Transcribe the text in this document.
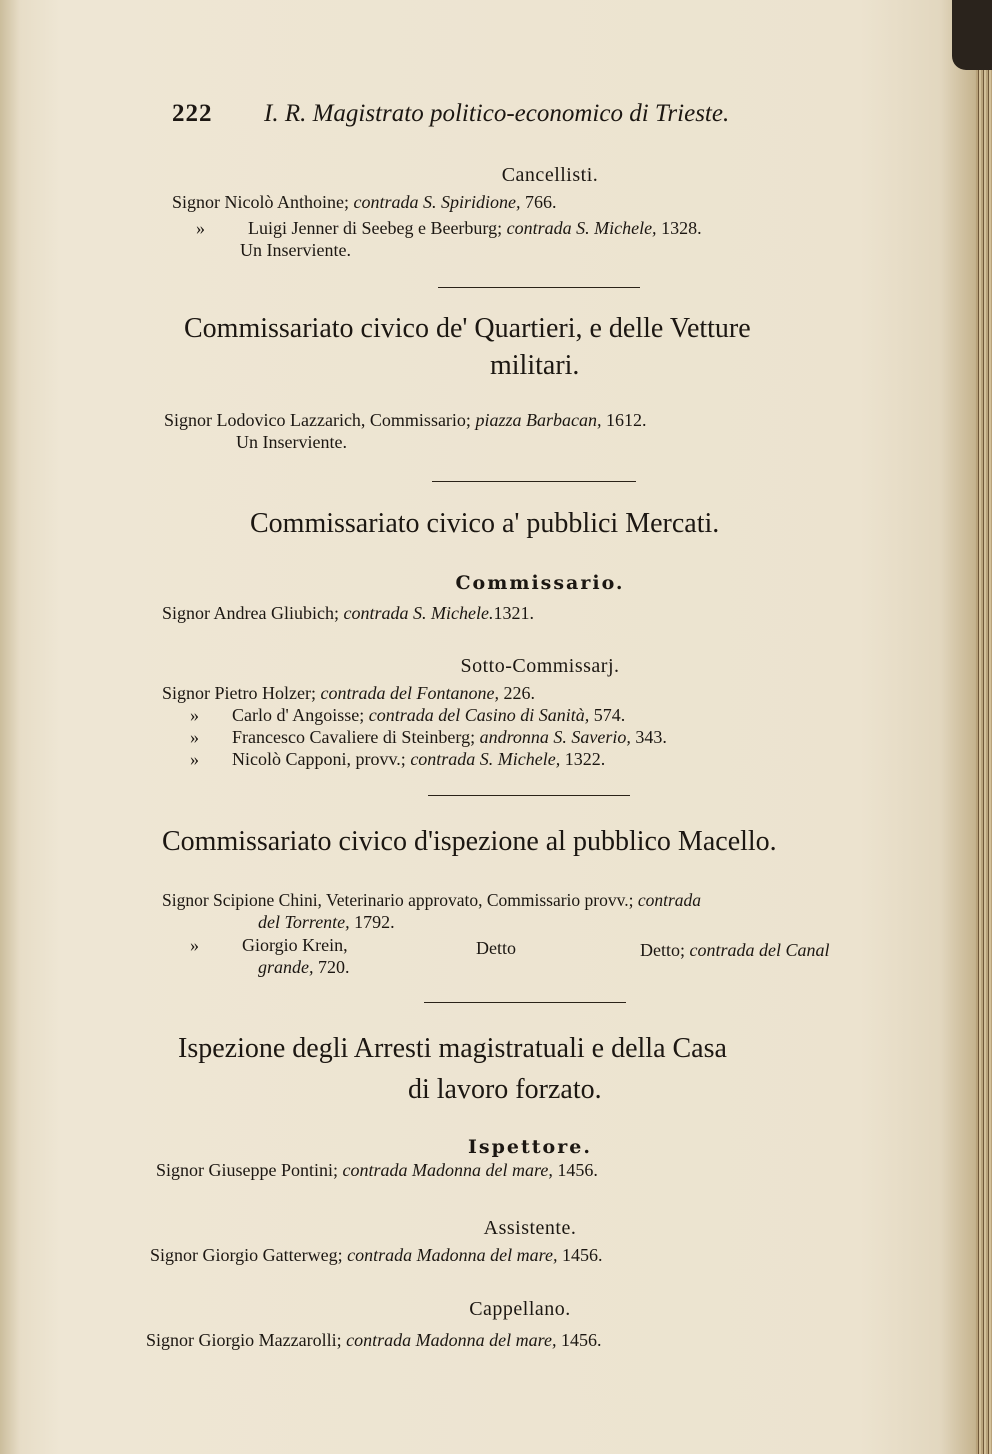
222 I. R. Magistrato politico-economico di Trieste.
Cancellisti.
Signor Nicolò Anthoine; contrada S. Spiridione, 766.
» Luigi Jenner di Seebeg e Beerburg; contrada S. Michele, 1328.
Un Inserviente.
Commissariato civico de' Quartieri, e delle Vetture
militari.
Signor Lodovico Lazzarich, Commissario; piazza Barbacan, 1612.
Un Inserviente.
Commissariato civico a' pubblici Mercati.
Commissario.
Signor Andrea Gliubich; contrada S. Michele.1321.
Sotto-Commissarj.
Signor Pietro Holzer; contrada del Fontanone, 226.
» Carlo d' Angoisse; contrada del Casino di Sanità, 574.
» Francesco Cavaliere di Steinberg; andronna S. Saverio, 343.
» Nicolò Capponi, provv.; contrada S. Michele, 1322.
Commissariato civico d'ispezione al pubblico Macello.
Signor Scipione Chini, Veterinario approvato, Commissario provv.; contrada
del Torrente, 1792.
» Giorgio Krein,	Detto	Detto; contrada del Canal
grande, 720.
Ispezione degli Arresti magistratuali e della Casa
di lavoro forzato.
Ispettore.
Signor Giuseppe Pontini; contrada Madonna del mare, 1456.
Assistente.
Signor Giorgio Gatterweg; contrada Madonna del mare, 1456.
Cappellano.
Signor Giorgio Mazzarolli; contrada Madonna del mare, 1456.
